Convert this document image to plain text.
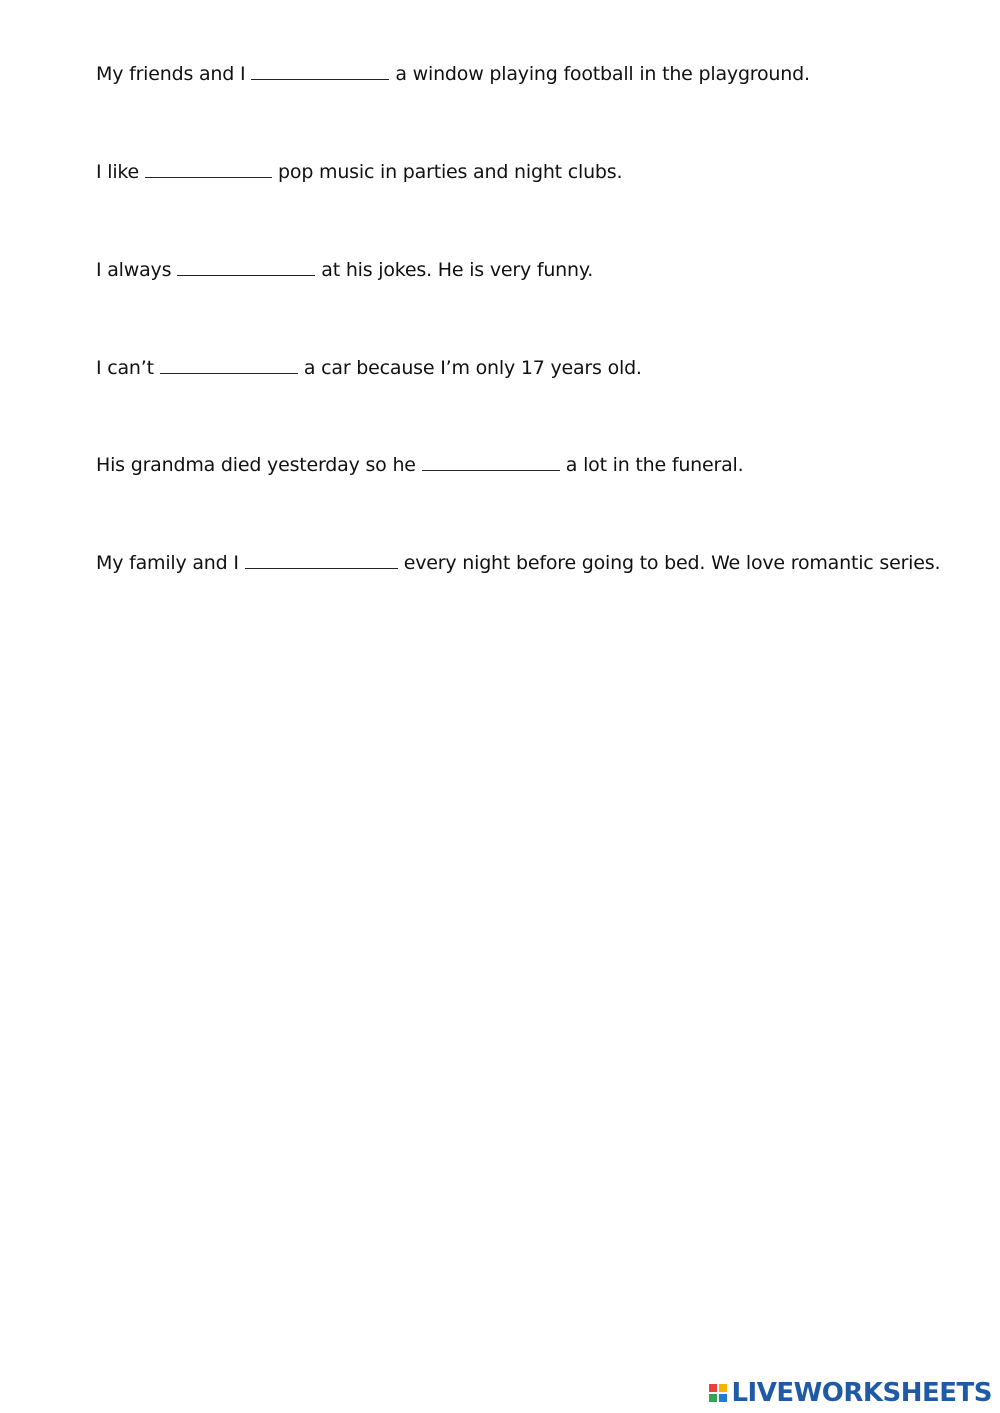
My friends and I	a window playing football in the playground.
I like	pop music in parties and night clubs.
I always	at his jokes. He is very funny.
I can’t	a car because I’m only 17 years old.
His grandma died yesterday so he	a lot in the funeral.
My family and I	every night before going to bed. We love romantic series.
LIVEWORKSHEETS
